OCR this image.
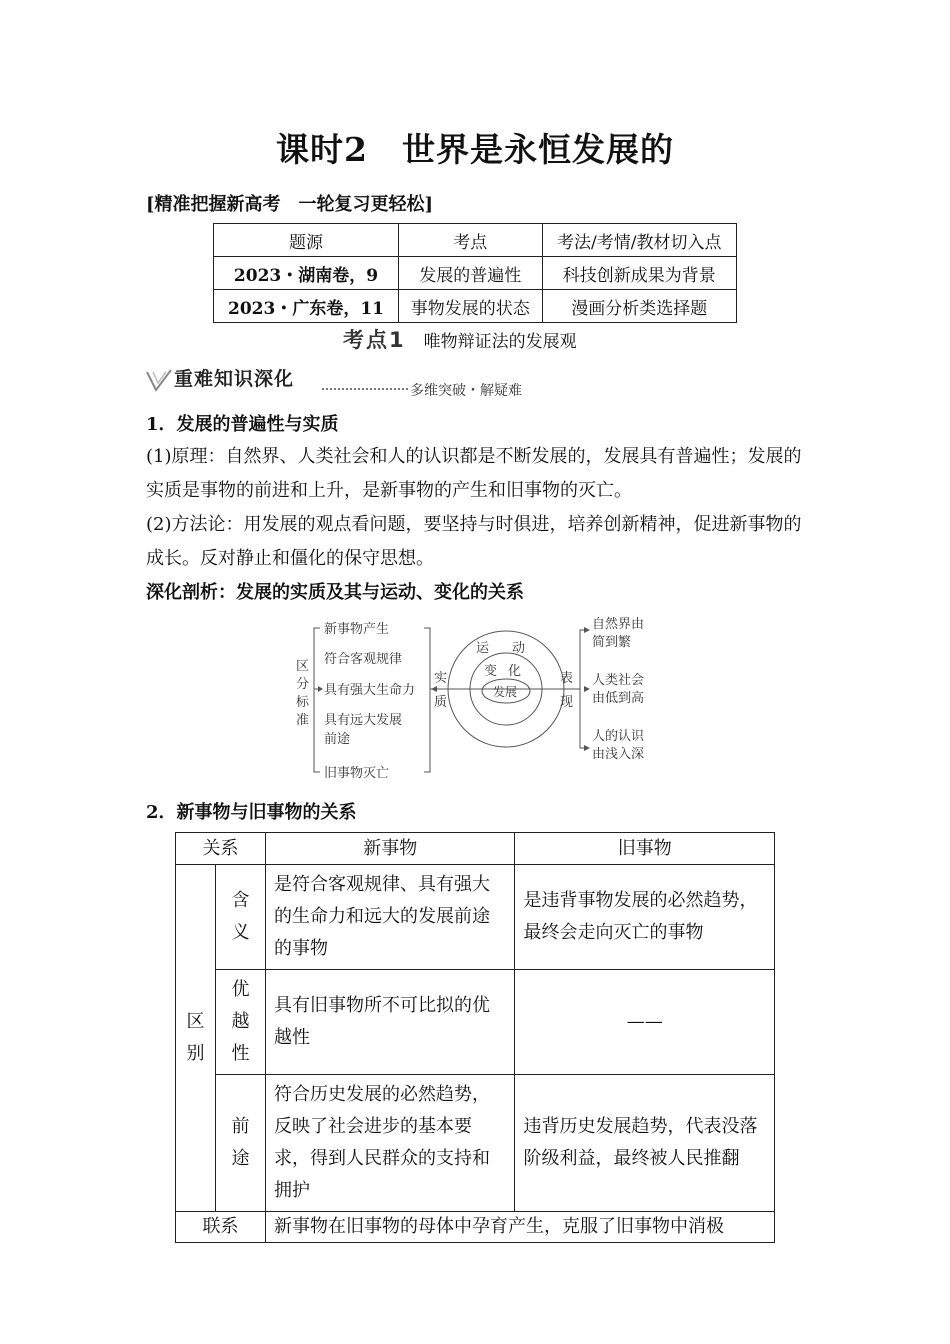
课时2　世界是永恒发展的
[精准把握新高考　一轮复习更轻松]
题源	考点	考法/考情/教材切入点
2023・湖南卷，9	发展的普遍性	科技创新成果为背景
2023・广东卷，11	事物发展的状态	漫画分析类选择题
考点1 唯物辩证法的发展观
重难知识深化
多维突破・解疑难
1．发展的普遍性与实质
(1)原理：自然界、人类社会和人的认识都是不断发展的，发展具有普遍性；发展的实质是事物的前进和上升，是新事物的产生和旧事物的灭亡。
(2)方法论：用发展的观点看问题，要坚持与时俱进，培养创新精神，促进新事物的成长。反对静止和僵化的保守思想。
深化剖析：发展的实质及其与运动、变化的关系
区
分
标
准
新事物产生
符合客观规律
具有强大生命力
具有远大发展
前途
旧事物灭亡
实
质
运 动
变 化
发展
表
现
自然界由
简到繁
人类社会
由低到高
人的认识
由浅入深
2．新事物与旧事物的关系
关系		新事物	旧事物

区
别	含
义	是符合客观规律、具有强大的生命力和远大的发展前途的事物	是违背事物发展的必然趋势，最终会走向灭亡的事物

	优
越
性	具有旧事物所不可比拟的优越性	——

	前
途	符合历史发展的必然趋势，反映了社会进步的基本要求，得到人民群众的支持和拥护	违背历史发展趋势，代表没落阶级利益，最终被人民推翻
联系		新事物在旧事物的母体中孕育产生，克服了旧事物中消极	
